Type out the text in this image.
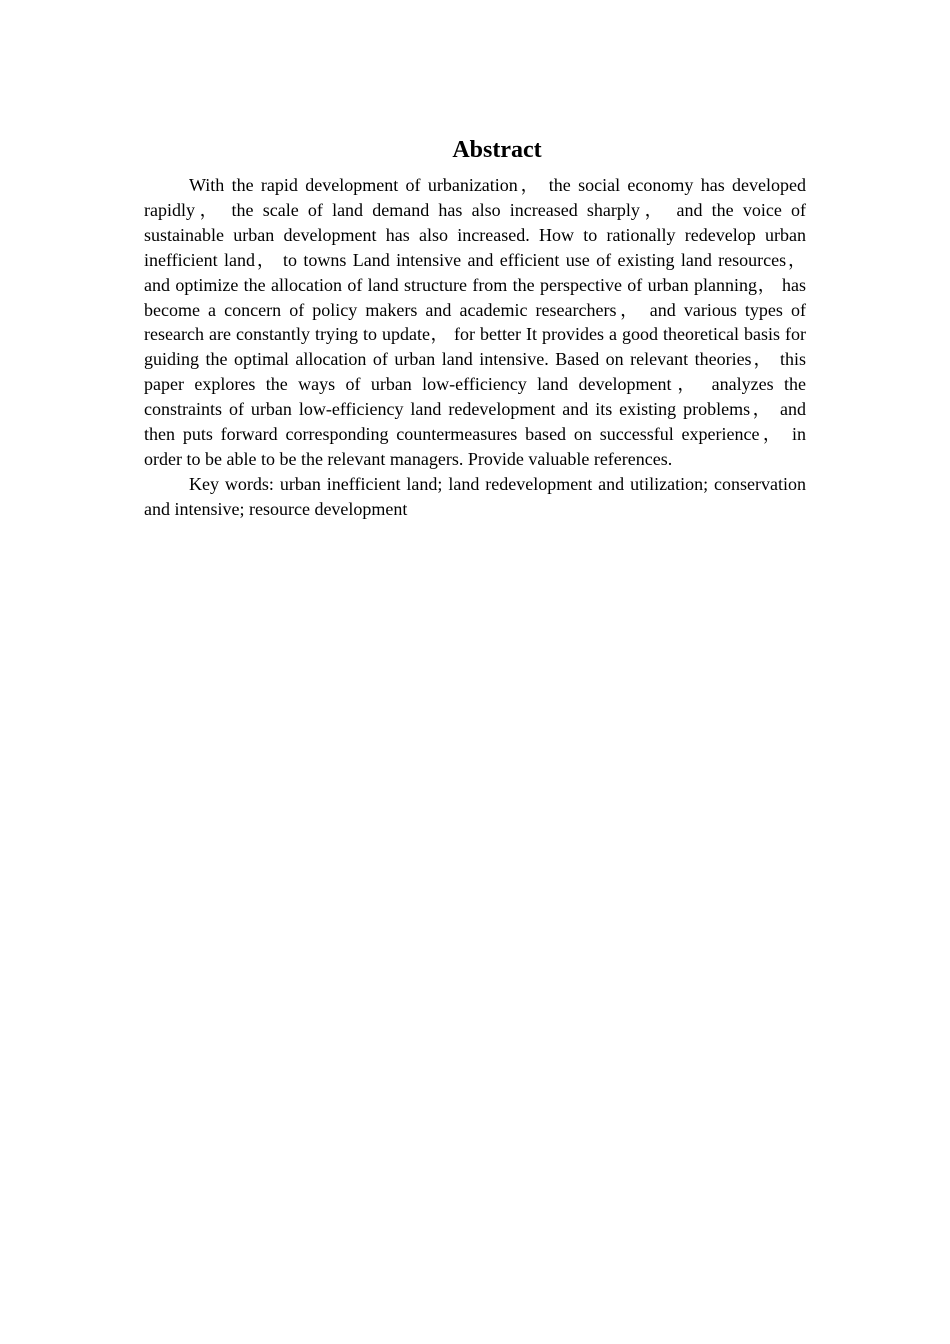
Abstract

With the rapid development of urbanization， the social economy has developed rapidly， the scale of land demand has also increased sharply， and the voice of sustainable urban development has also increased. How to rationally redevelop urban inefficient land， to towns Land intensive and efficient use of existing land resources， and optimize the allocation of land structure from the perspective of urban planning， has become a concern of policy makers and academic researchers， and various types of research are constantly trying to update， for better It provides a good theoretical basis for guiding the optimal allocation of urban land intensive. Based on relevant theories， this paper explores the ways of urban low-efficiency land development， analyzes the constraints of urban low-efficiency land redevelopment and its existing problems， and then puts forward corresponding countermeasures based on successful experience， in order to be able to be the relevant managers. Provide valuable references.

Key words: urban inefficient land; land redevelopment and utilization; conservation and intensive; resource development
